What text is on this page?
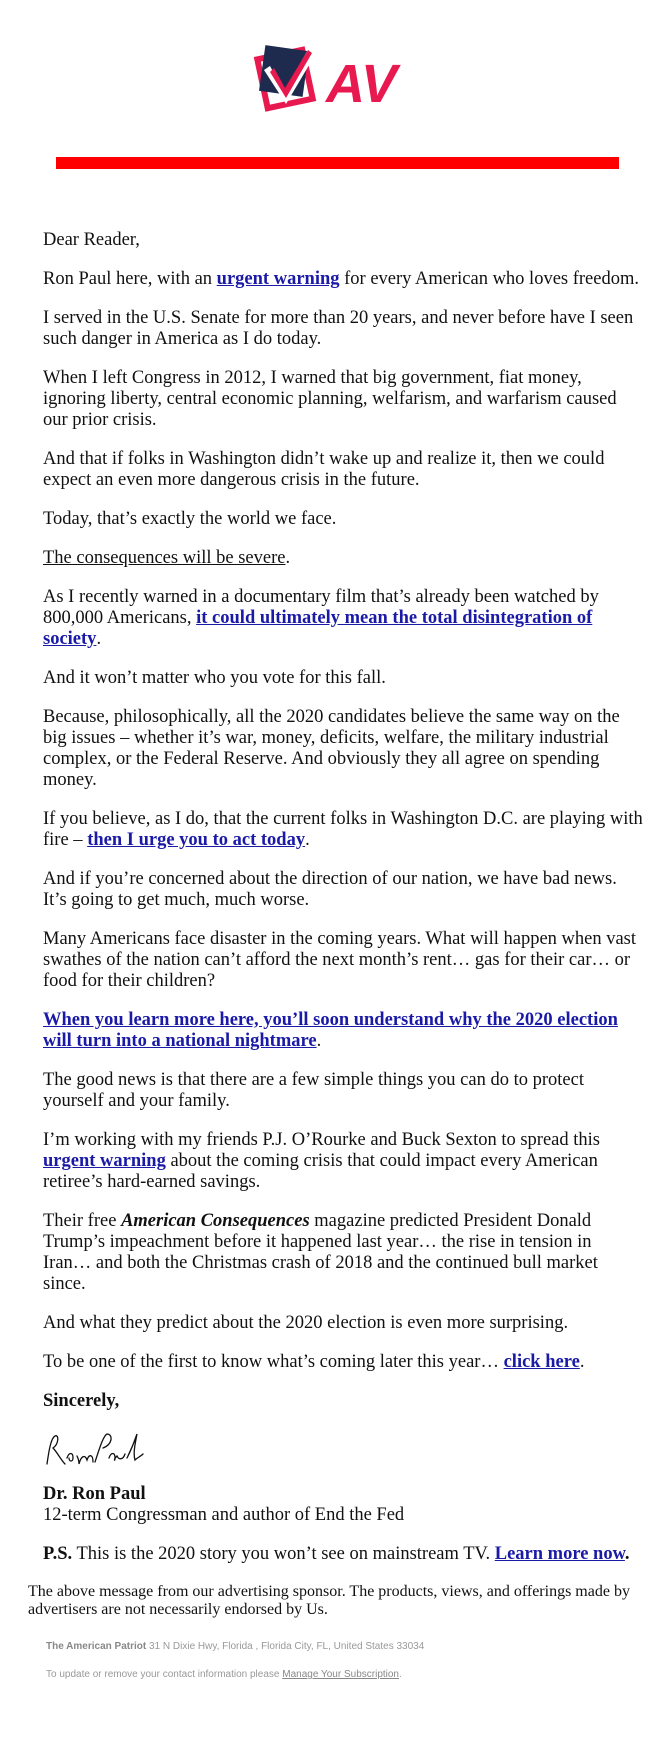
AV

Dear Reader,

Ron Paul here, with an urgent warning for every American who loves freedom.

I served in the U.S. Senate for more than 20 years, and never before have I seen such danger in America as I do today.

When I left Congress in 2012, I warned that big government, fiat money, ignoring liberty, central economic planning, welfarism, and warfarism caused our prior crisis.

And that if folks in Washington didn’t wake up and realize it, then we could expect an even more dangerous crisis in the future.

Today, that’s exactly the world we face.

The consequences will be severe.

As I recently warned in a documentary film that’s already been watched by 800,000 Americans, it could ultimately mean the total disintegration of society.

And it won’t matter who you vote for this fall.

Because, philosophically, all the 2020 candidates believe the same way on the big issues – whether it’s war, money, deficits, welfare, the military industrial complex, or the Federal Reserve. And obviously they all agree on spending money.

If you believe, as I do, that the current folks in Washington D.C. are playing with fire – then I urge you to act today.

And if you’re concerned about the direction of our nation, we have bad news. It’s going to get much, much worse.

Many Americans face disaster in the coming years. What will happen when vast swathes of the nation can’t afford the next month’s rent… gas for their car… or food for their children?

When you learn more here, you’ll soon understand why the 2020 election will turn into a national nightmare.

The good news is that there are a few simple things you can do to protect yourself and your family.

I’m working with my friends P.J. O’Rourke and Buck Sexton to spread this urgent warning about the coming crisis that could impact every American retiree’s hard-earned savings.

Their free American Consequences magazine predicted President Donald Trump’s impeachment before it happened last year… the rise in tension in Iran… and both the Christmas crash of 2018 and the continued bull market since.

And what they predict about the 2020 election is even more surprising.

To be one of the first to know what’s coming later this year… click here.

Sincerely,

Dr. Ron Paul
12-term Congressman and author of End the Fed

P.S. This is the 2020 story you won’t see on mainstream TV. Learn more now.

The above message from our advertising sponsor. The products, views, and offerings made by advertisers are not necessarily endorsed by Us.
The American Patriot 31 N Dixie Hwy, Florida , Florida City, FL, United States 33034
To update or remove your contact information please Manage Your Subscription.
